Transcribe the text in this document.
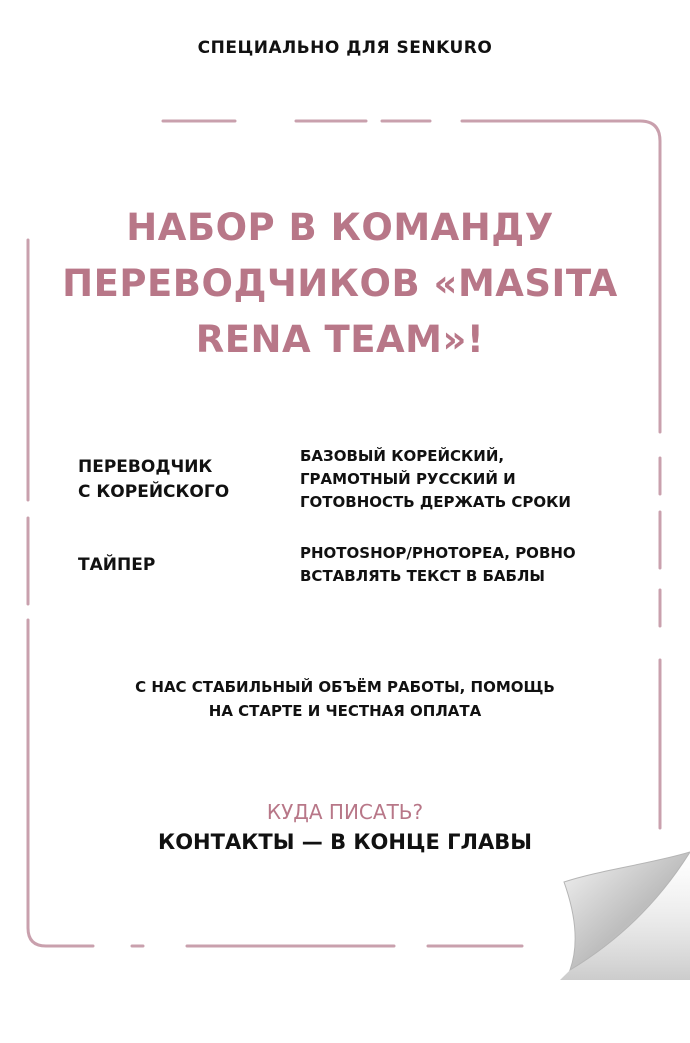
СПЕЦИАЛЬНО ДЛЯ SENKURO
НАБОР В КОМАНДУ
ПЕРЕВОДЧИКОВ «MASITA
RENA TEAM»!
ПЕРЕВОДЧИК
С КОРЕЙСКОГО
БАЗОВЫЙ КОРЕЙСКИЙ,
ГРАМОТНЫЙ РУССКИЙ И
ГОТОВНОСТЬ ДЕРЖАТЬ СРОКИ
ТАЙПЕР
PHOTOSHOP/PHOTOPEA, РОВНО
ВСТАВЛЯТЬ ТЕКСТ В БАБЛЫ
С НАС СТАБИЛЬНЫЙ ОБЪЁМ РАБОТЫ, ПОМОЩЬ
НА СТАРТЕ И ЧЕСТНАЯ ОПЛАТА
КУДА ПИСАТЬ?
КОНТАКТЫ — В КОНЦЕ ГЛАВЫ
